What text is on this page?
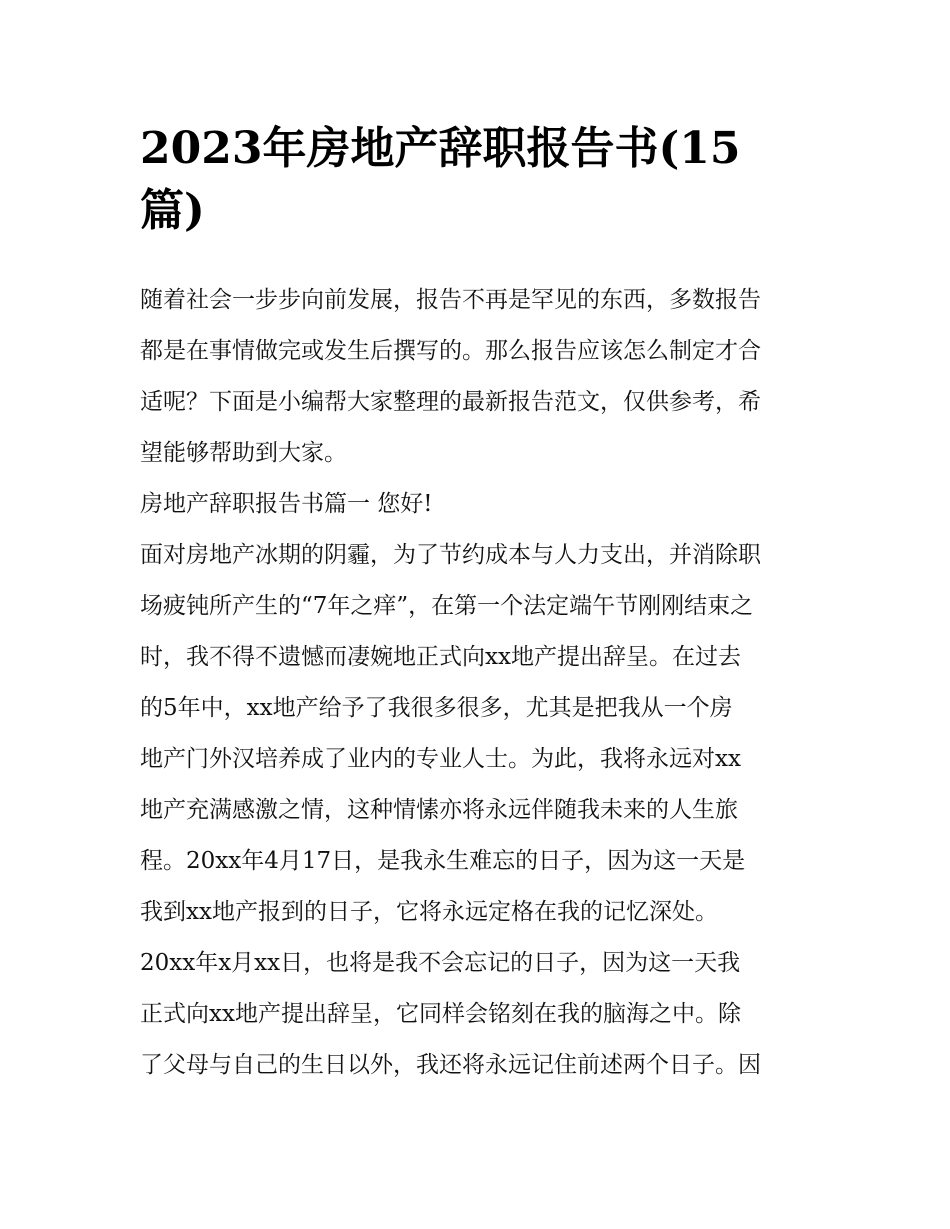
2023年房地产辞职报告书(15
篇)
随着社会一步步向前发展，报告不再是罕见的东西，多数报告
都是在事情做完或发生后撰写的。那么报告应该怎么制定才合
适呢？下面是小编帮大家整理的最新报告范文，仅供参考，希
望能够帮助到大家。
房地产辞职报告书篇一 您好!
面对房地产冰期的阴霾，为了节约成本与人力支出，并消除职
场疲钝所产生的“7年之痒”，在第一个法定端午节刚刚结束之
时，我不得不遗憾而凄婉地正式向xx地产提出辞呈。在过去
的5年中，xx地产给予了我很多很多，尤其是把我从一个房
地产门外汉培养成了业内的专业人士。为此，我将永远对xx
地产充满感激之情，这种情愫亦将永远伴随我未来的人生旅
程。20xx年4月17日，是我永生难忘的日子，因为这一天是
我到xx地产报到的日子，它将永远定格在我的记忆深处。
20xx年x月xx日，也将是我不会忘记的日子，因为这一天我
正式向xx地产提出辞呈，它同样会铭刻在我的脑海之中。除
了父母与自己的生日以外，我还将永远记住前述两个日子。因
